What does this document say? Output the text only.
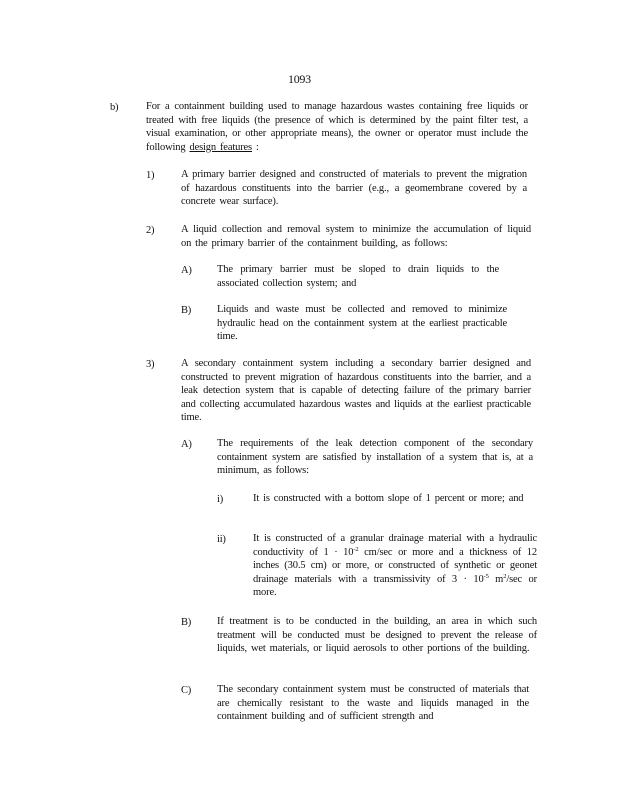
1093
b)	For a containment building used to manage hazardous wastes containing free liquids or treated with free liquids (the presence of which is determined by the paint filter test, a visual examination, or other appropriate means), the owner or operator must include the following design features :
1)	A primary barrier designed and constructed of materials to prevent the migration of hazardous constituents into the barrier (e.g., a geomembrane covered by a concrete wear surface).
2)	A liquid collection and removal system to minimize the accumulation of liquid on the primary barrier of the containment building, as follows:
A) The primary barrier must be sloped to drain liquids to the associated collection system; and
B) Liquids and waste must be collected and removed to minimize hydraulic head on the containment system at the earliest practicable time.
3)	A secondary containment system including a secondary barrier designed and constructed to prevent migration of hazardous constituents into the barrier, and a leak detection system that is capable of detecting failure of the primary barrier and collecting accumulated hazardous wastes and liquids at the earliest practicable time.
A) The requirements of the leak detection component of the secondary containment system are satisfied by installation of a system that is, at a minimum, as follows:
i)	It is constructed with a bottom slope of 1 percent or more; and
ii)	It is constructed of a granular drainage material with a hydraulic conductivity of $1 \cdot 10^{-2}$ cm/sec or more and a thickness of 12 inches (30.5 cm) or more, or constructed of synthetic or geonet drainage materials with a transmissivity of $3 \cdot 10^{-5}$ $m^2/\sec$ or more.
B) If treatment is to be conducted in the building, an area in which such treatment will be conducted must be designed to prevent the release of liquids, wet materials, or liquid aerosols to other portions of the building.
C) The secondary containment system must be constructed of materials that are chemically resistant to the waste and liquids managed in the containment building and of sufficient strength and
